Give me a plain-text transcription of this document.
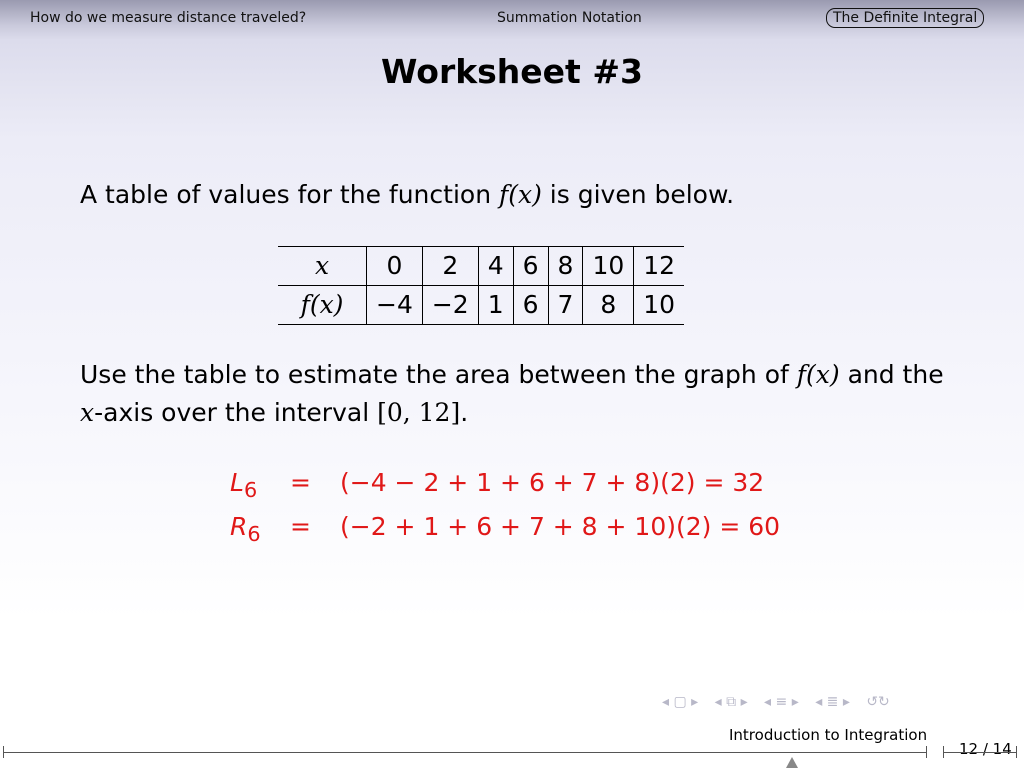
How do we measure distance traveled?	Summation Notation	The Definite Integral
Worksheet #3
A table of values for the function f(x) is given below.
x	0	2	4	6	8	10	12
f(x)	−4	−2	1	6	7	8	10
Use the table to estimate the area between the graph of f(x) and the x-axis over the interval [0, 12].
$L_6 = (-4 - 2 + 1 + 6 + 7 + 8)(2) = 32$
$R_6 = (-2 + 1 + 6 + 7 + 8 + 10)(2) = 60$
◂ ▢ ▸ ◂ ⧉ ▸ ◂ ≡ ▸ ◂ ≣ ▸ ↺↻
Introduction to Integration
12 / 14
